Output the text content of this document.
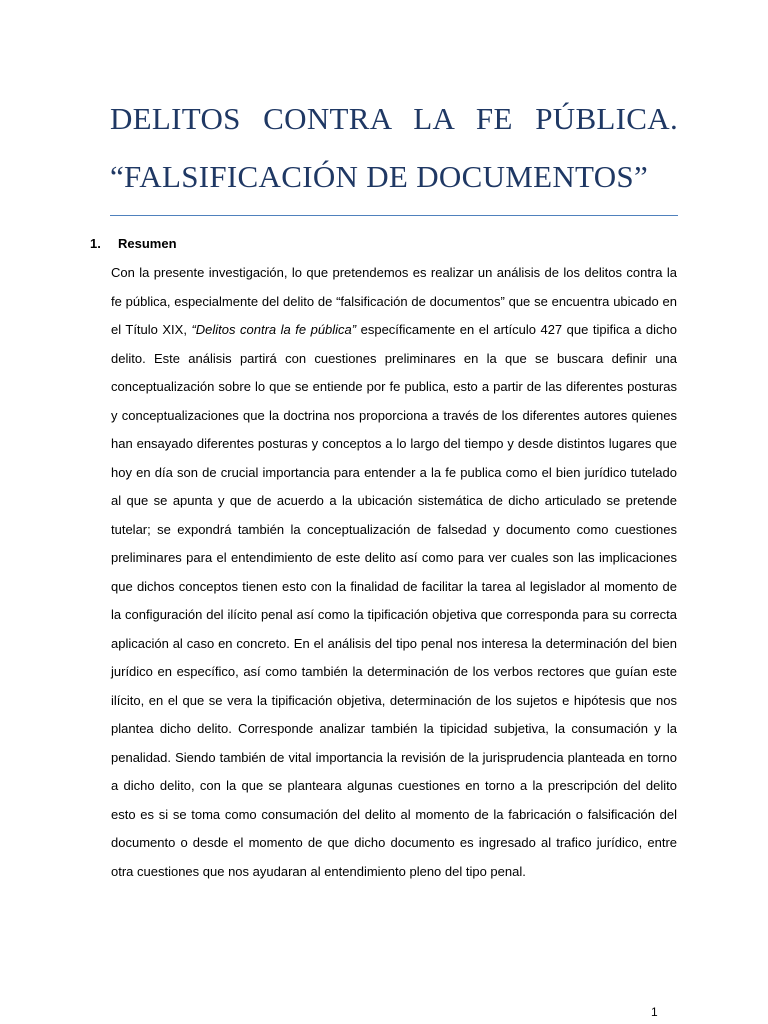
DELITOS CONTRA LA FE PÚBLICA.
“FALSIFICACIÓN DE DOCUMENTOS”
1. Resumen

Con la presente investigación, lo que pretendemos es realizar un análisis de los delitos contra la fe pública, especialmente del delito de “falsificación de documentos” que se encuentra ubicado en el Título XIX, “Delitos contra la fe pública” específicamente en el artículo 427 que tipifica a dicho delito. Este análisis partirá con cuestiones preliminares en la que se buscara definir una conceptualización sobre lo que se entiende por fe publica, esto a partir de las diferentes posturas y conceptualizaciones que la doctrina nos proporciona a través de los diferentes autores quienes han ensayado diferentes posturas y conceptos a lo largo del tiempo y desde distintos lugares que hoy en día son de crucial importancia para entender a la fe publica como el bien jurídico tutelado al que se apunta y que de acuerdo a la ubicación sistemática de dicho articulado se pretende tutelar; se expondrá también la conceptualización de falsedad y documento como cuestiones preliminares para el entendimiento de este delito así como para ver cuales son las implicaciones que dichos conceptos tienen esto con la finalidad de facilitar la tarea al legislador al momento de la configuración del ilícito penal así como la tipificación objetiva que corresponda para su correcta aplicación al caso en concreto. En el análisis del tipo penal nos interesa la determinación del bien jurídico en específico, así como también la determinación de los verbos rectores que guían este ilícito, en el que se vera la tipificación objetiva, determinación de los sujetos e hipótesis que nos plantea dicho delito. Corresponde analizar también la tipicidad subjetiva, la consumación y la penalidad. Siendo también de vital importancia la revisión de la jurisprudencia planteada en torno a dicho delito, con la que se planteara algunas cuestiones en torno a la prescripción del delito esto es si se toma como consumación del delito al momento de la fabricación o falsificación del documento o desde el momento de que dicho documento es ingresado al trafico jurídico, entre otra cuestiones que nos ayudaran al entendimiento pleno del tipo penal.

1
